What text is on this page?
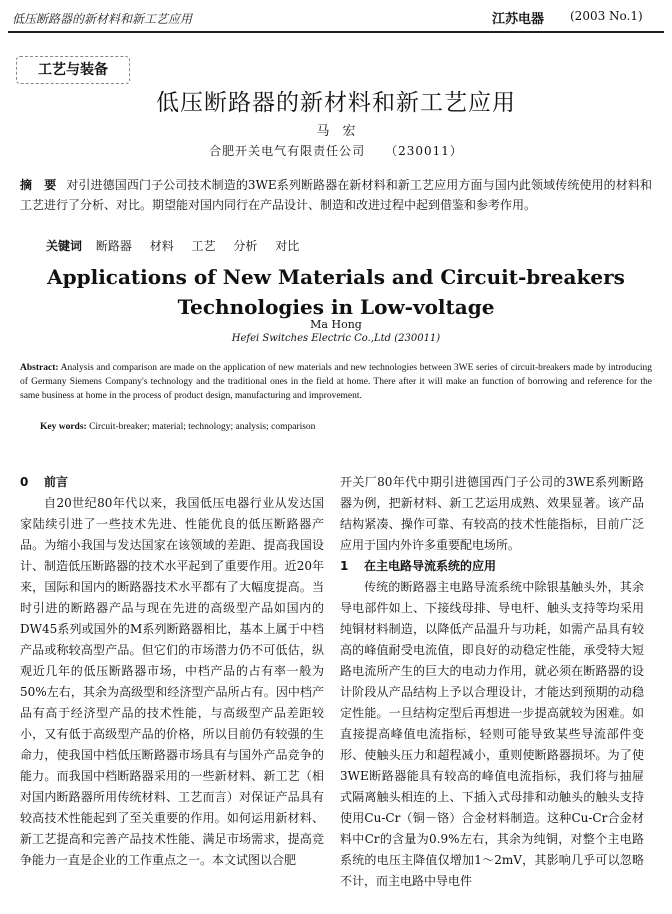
低压断路器的新材料和新工艺应用	江苏电器 (2003 No.1)
工艺与装备
低压断路器的新材料和新工艺应用
马　宏
合肥开关电气有限责任公司　　（230011）
摘　要 对引进德国西门子公司技术制造的3WE系列断路器在新材料和新工艺应用方面与国内此领域传统使用的材料和工艺进行了分析、对比。期望能对国内同行在产品设计、制造和改进过程中起到借鉴和参考作用。
关键词 断路器 材料 工艺 分析 对比
Applications of New Materials and Circuit-breakers
Technologies in Low-voltage
Ma Hong
Hefei Switches Electric Co.,Ltd (230011)
Abstract: Analysis and comparison are made on the application of new materials and new technologies between 3WE series of circuit-breakers made by introducing of Germany Siemens Company's technology and the traditional ones in the field at home. There after it will make an function of borrowing and reference for the same business at home in the process of product design, manufacturing and improvement.
Key words: Circuit-breaker; material; technology; analysis; comparison
0 前言

自20世纪80年代以来，我国低压电器行业从发达国家陆续引进了一些技术先进、性能优良的低压断路器产品。为缩小我国与发达国家在该领域的差距、提高我国设计、制造低压断路器的技术水平起到了重要作用。近20年来，国际和国内的断路器技术水平都有了大幅度提高。当时引进的断路器产品与现在先进的高级型产品如国内的DW45系列或国外的M系列断路器相比，基本上属于中档产品或称较高型产品。但它们的市场潜力仍不可低估，纵观近几年的低压断路器市场，中档产品的占有率一般为50%左右，其余为高级型和经济型产品所占有。因中档产品有高于经济型产品的技术性能，与高级型产品差距较小，又有低于高级型产品的价格，所以目前仍有较强的生命力，使我国中档低压断路器市场具有与国外产品竞争的能力。而我国中档断路器采用的一些新材料、新工艺（相对国内断路器所用传统材料、工艺而言）对保证产品具有较高技术性能起到了至关重要的作用。如何运用新材料、新工艺提高和完善产品技术性能、满足市场需求，提高竞争能力一直是企业的工作重点之一。本文试图以合肥

开关厂80年代中期引进德国西门子公司的3WE系列断路器为例，把新材料、新工艺运用成熟、效果显著。该产品结构紧凑、操作可靠、有较高的技术性能指标，目前广泛应用于国内外许多重要配电场所。

1 在主电路导流系统的应用

传统的断路器主电路导流系统中除银基触头外，其余导电部件如上、下接线母排、导电杆、触头支持等均采用纯铜材料制造，以降低产品温升与功耗，如需产品具有较高的峰值耐受电流值，即良好的动稳定性能，承受特大短路电流所产生的巨大的电动力作用，就必须在断路器的设计阶段从产品结构上予以合理设计，才能达到预期的动稳定性能。一旦结构定型后再想进一步提高就较为困难。如直接提高峰值电流指标，轻则可能导致某些导流部件变形、使触头压力和超程减小，重则使断路器损坏。为了使3WE断路器能具有较高的峰值电流指标，我们将与抽屉式隔离触头相连的上、下插入式母排和动触头的触头支持使用Cu-Cr（铜－铬）合金材料制造。这种Cu-Cr合金材料中Cr的含量为0.9%左右，其余为纯铜，对整个主电路系统的电压主降值仅增加1～2mV，其影响几乎可以忽略不计，而主电路中导电件
